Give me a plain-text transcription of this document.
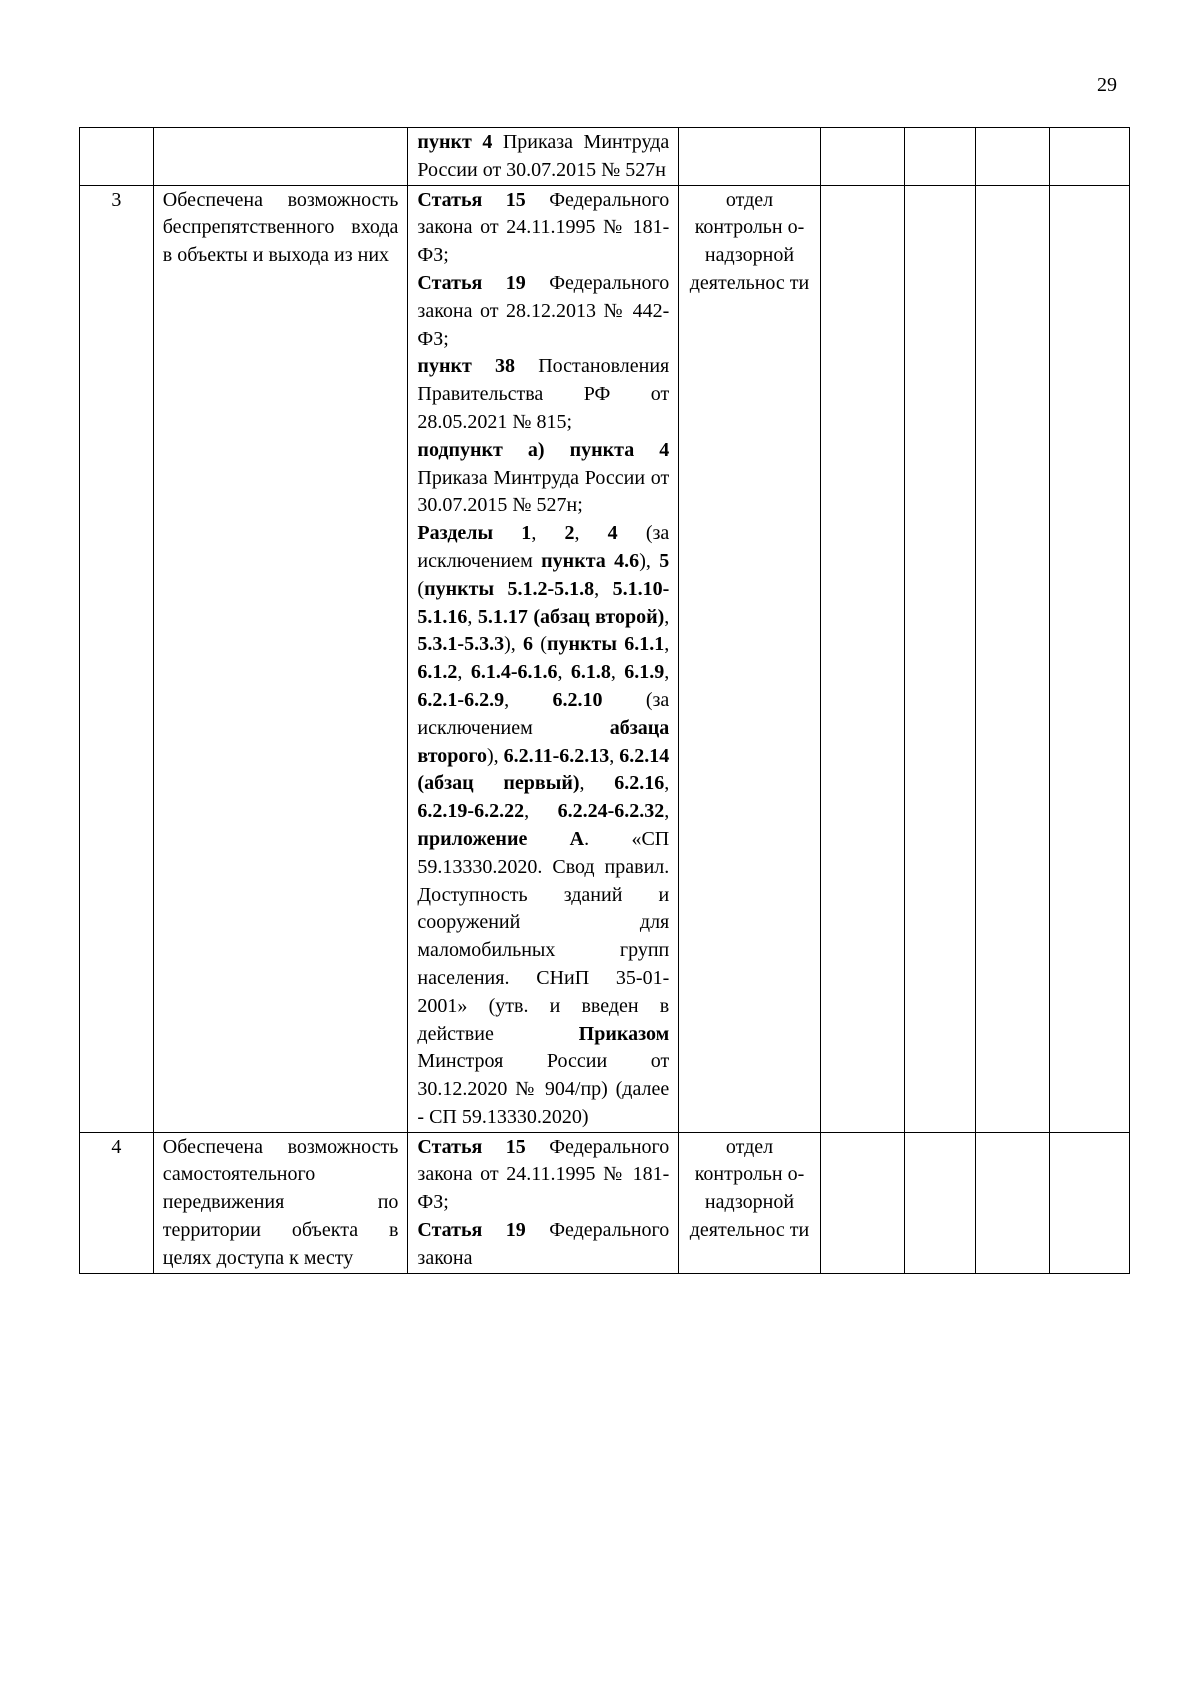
29
		пункт 4 Приказа Минтруда России от 30.07.2015 № 527н					
3	Обеспечена возможность беспрепятственного входа в объекты и выхода из них	Статья 15 Федерального закона от 24.11.1995 № 181-ФЗ;
Статья 19 Федерального закона от 28.12.2013 № 442-ФЗ;
пункт 38 Постановления Правительства РФ от 28.05.2021 № 815;
подпункт а) пункта 4 Приказа Минтруда России от 30.07.2015 № 527н;
Разделы 1, 2, 4 (за исключением пункта 4.6), 5 (пункты 5.1.2-5.1.8, 5.1.10-5.1.16, 5.1.17 (абзац второй), 5.3.1-5.3.3), 6 (пункты 6.1.1, 6.1.2, 6.1.4-6.1.6, 6.1.8, 6.1.9, 6.2.1-6.2.9, 6.2.10 (за исключением абзаца второго), 6.2.11-6.2.13, 6.2.14 (абзац первый), 6.2.16, 6.2.19-6.2.22, 6.2.24-6.2.32, приложение А. «СП 59.13330.2020. Свод правил. Доступность зданий и сооружений для маломобильных групп населения. СНиП 35-01-2001» (утв. и введен в действие Приказом Минстроя России от 30.12.2020 № 904/пр) (далее - СП 59.13330.2020)	отдел контрольн о-надзорной деятельнос ти				
4	Обеспечена возможность самостоятельного передвижения по территории объекта в целях доступа к месту	Статья 15 Федерального закона от 24.11.1995 № 181-ФЗ;
Статья 19 Федерального закона	отдел контрольн о-надзорной деятельнос ти				
